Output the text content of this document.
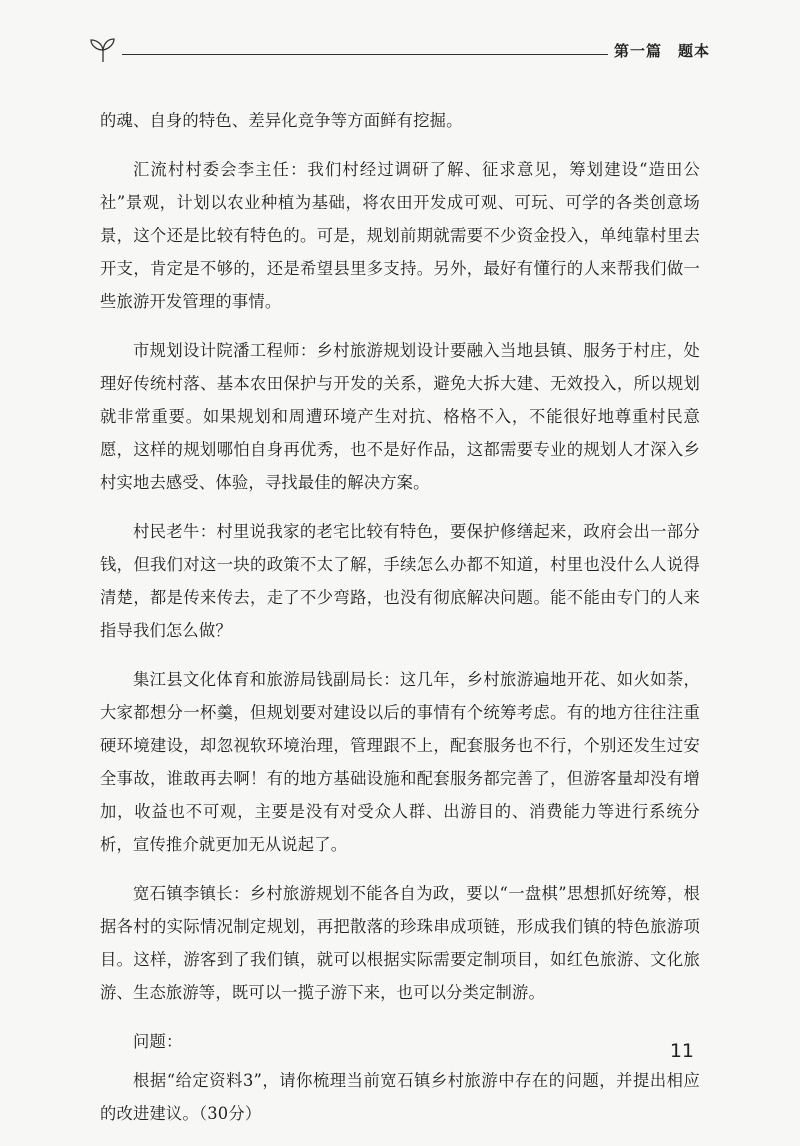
第一篇　题本

的魂、自身的特色、差异化竞争等方面鲜有挖掘。

汇流村村委会李主任：我们村经过调研了解、征求意见，筹划建设“造田公社”景观，计划以农业种植为基础，将农田开发成可观、可玩、可学的各类创意场景，这个还是比较有特色的。可是，规划前期就需要不少资金投入，单纯靠村里去开支，肯定是不够的，还是希望县里多支持。另外，最好有懂行的人来帮我们做一些旅游开发管理的事情。

市规划设计院潘工程师：乡村旅游规划设计要融入当地县镇、服务于村庄，处理好传统村落、基本农田保护与开发的关系，避免大拆大建、无效投入，所以规划就非常重要。如果规划和周遭环境产生对抗、格格不入，不能很好地尊重村民意愿，这样的规划哪怕自身再优秀，也不是好作品，这都需要专业的规划人才深入乡村实地去感受、体验，寻找最佳的解决方案。

村民老牛：村里说我家的老宅比较有特色，要保护修缮起来，政府会出一部分钱，但我们对这一块的政策不太了解，手续怎么办都不知道，村里也没什么人说得清楚，都是传来传去，走了不少弯路，也没有彻底解决问题。能不能由专门的人来指导我们怎么做？

集江县文化体育和旅游局钱副局长：这几年，乡村旅游遍地开花、如火如荼，大家都想分一杯羹，但规划要对建设以后的事情有个统筹考虑。有的地方往往注重硬环境建设，却忽视软环境治理，管理跟不上，配套服务也不行，个别还发生过安全事故，谁敢再去啊！有的地方基础设施和配套服务都完善了，但游客量却没有增加，收益也不可观，主要是没有对受众人群、出游目的、消费能力等进行系统分析，宣传推介就更加无从说起了。

宽石镇李镇长：乡村旅游规划不能各自为政，要以“一盘棋”思想抓好统筹，根据各村的实际情况制定规划，再把散落的珍珠串成项链，形成我们镇的特色旅游项目。这样，游客到了我们镇，就可以根据实际需要定制项目，如红色旅游、文化旅游、生态旅游等，既可以一揽子游下来，也可以分类定制游。

问题：

根据“给定资料3”，请你梳理当前宽石镇乡村旅游中存在的问题，并提出相应的改进建议。（30分）

11
